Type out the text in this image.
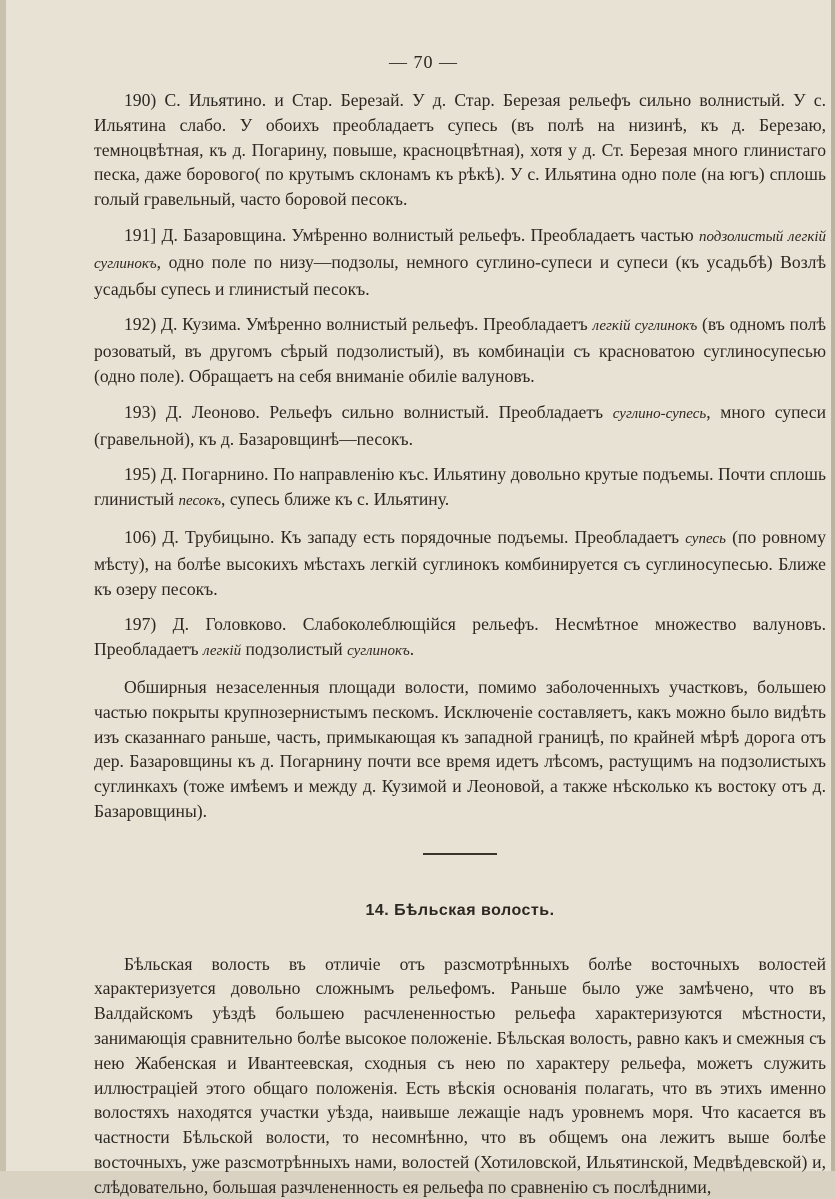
— 70 —

190) С. Ильятино. и Стар. Березай. У д. Стар. Березая рельефъ сильно волнистый. У с. Ильятина слабо. У обоихъ преобладаетъ супесь (въ полѣ на низинѣ, къ д. Березаю, темноцвѣтная, къ д. Погарину, повыше, красноцвѣтная), хотя у д. Ст. Березая много глинистаго песка, даже боровогo( по крутымъ склонамъ къ рѣкѣ). У с. Ильятина одно поле (на югъ) сплошь голый гравельный, часто боровой песокъ.

191] Д. Базаровщина. Умѣренно волнистый рельефъ. Преобладаетъ частью подзолистый легкій суглинокъ, одно поле по низу—подзолы, немного суглино-супеси и супеси (къ усадьбѣ) Возлѣ усадьбы супесь и глинистый песокъ.

192) Д. Кузима. Умѣренно волнистый рельефъ. Преобладаетъ легкій суглинокъ (въ одномъ полѣ розоватый, въ другомъ сѣрый подзолистый), въ комбинаціи съ красноватою суглиносупесью (одно поле). Обращаетъ на себя вниманіе обиліе валуновъ.

193) Д. Леоново. Рельефъ сильно волнистый. Преобладаетъ суглино-супесь, много супеси (гравельной), къ д. Базаровщинѣ—песокъ.

195) Д. Погарнино. По направленію къс. Ильятину довольно крутые подъемы. Почти сплошь глинистый песокъ, супесь ближе къ с. Ильятину.

106) Д. Трубицыно. Къ западу есть порядочные подъемы. Преобладаетъ супесь (по ровному мѣсту), на болѣе высокихъ мѣстахъ легкій суглинокъ комбинируется съ суглиносупесью. Ближе къ озеру песокъ.

197) Д. Головково. Слабоколеблющійся рельефъ. Несмѣтное множество валуновъ. Преобладаетъ легкій подзолистый суглинокъ.

Обширныя незаселенныя площади волости, помимо заболоченныхъ участковъ, большею частью покрыты крупнозернистымъ пескомъ. Исключеніе составляетъ, какъ можно было видѣть изъ сказаннаго раньше, часть, примыкающая къ западной границѣ, по крайней мѣрѣ дорога отъ дер. Базаровщины къ д. Погарнину почти все время идетъ лѣсомъ, растущимъ на подзолистыхъ суглинкахъ (тоже имѣемъ и между д. Кузимой и Леоновой, а также нѣсколько къ востоку отъ д. Базаровщины).

14. Бѣльская волость.

Бѣльская волость въ отличіе отъ разсмотрѣнныхъ болѣе восточныхъ волостей характеризуется довольно сложнымъ рельефомъ. Раньше было уже замѣчено, что въ Валдайскомъ уѣздѣ большею расчлененностью рельефа характеризуются мѣстности, занимающія сравнительно болѣе высокое положеніе. Бѣльская волость, равно какъ и смежныя съ нею Жабенская и Ивантеевская, сходныя съ нею по характеру рельефа, можетъ служить иллюстраціей этого общаго положенія. Есть вѣскія основанія полагать, что въ этихъ именно волостяхъ находятся участки уѣзда, наивыше лежащіе надъ уровнемъ моря. Что касается въ частности Бѣльской волости, то несомнѣнно, что въ общемъ она лежитъ выше болѣе восточныхъ, уже разсмотрѣнныхъ нами, волостей (Хотиловской, Ильятинской, Медвѣдевской) и, слѣдовательно, большая разчлененность ея рельефа по сравненію съ послѣдними,
